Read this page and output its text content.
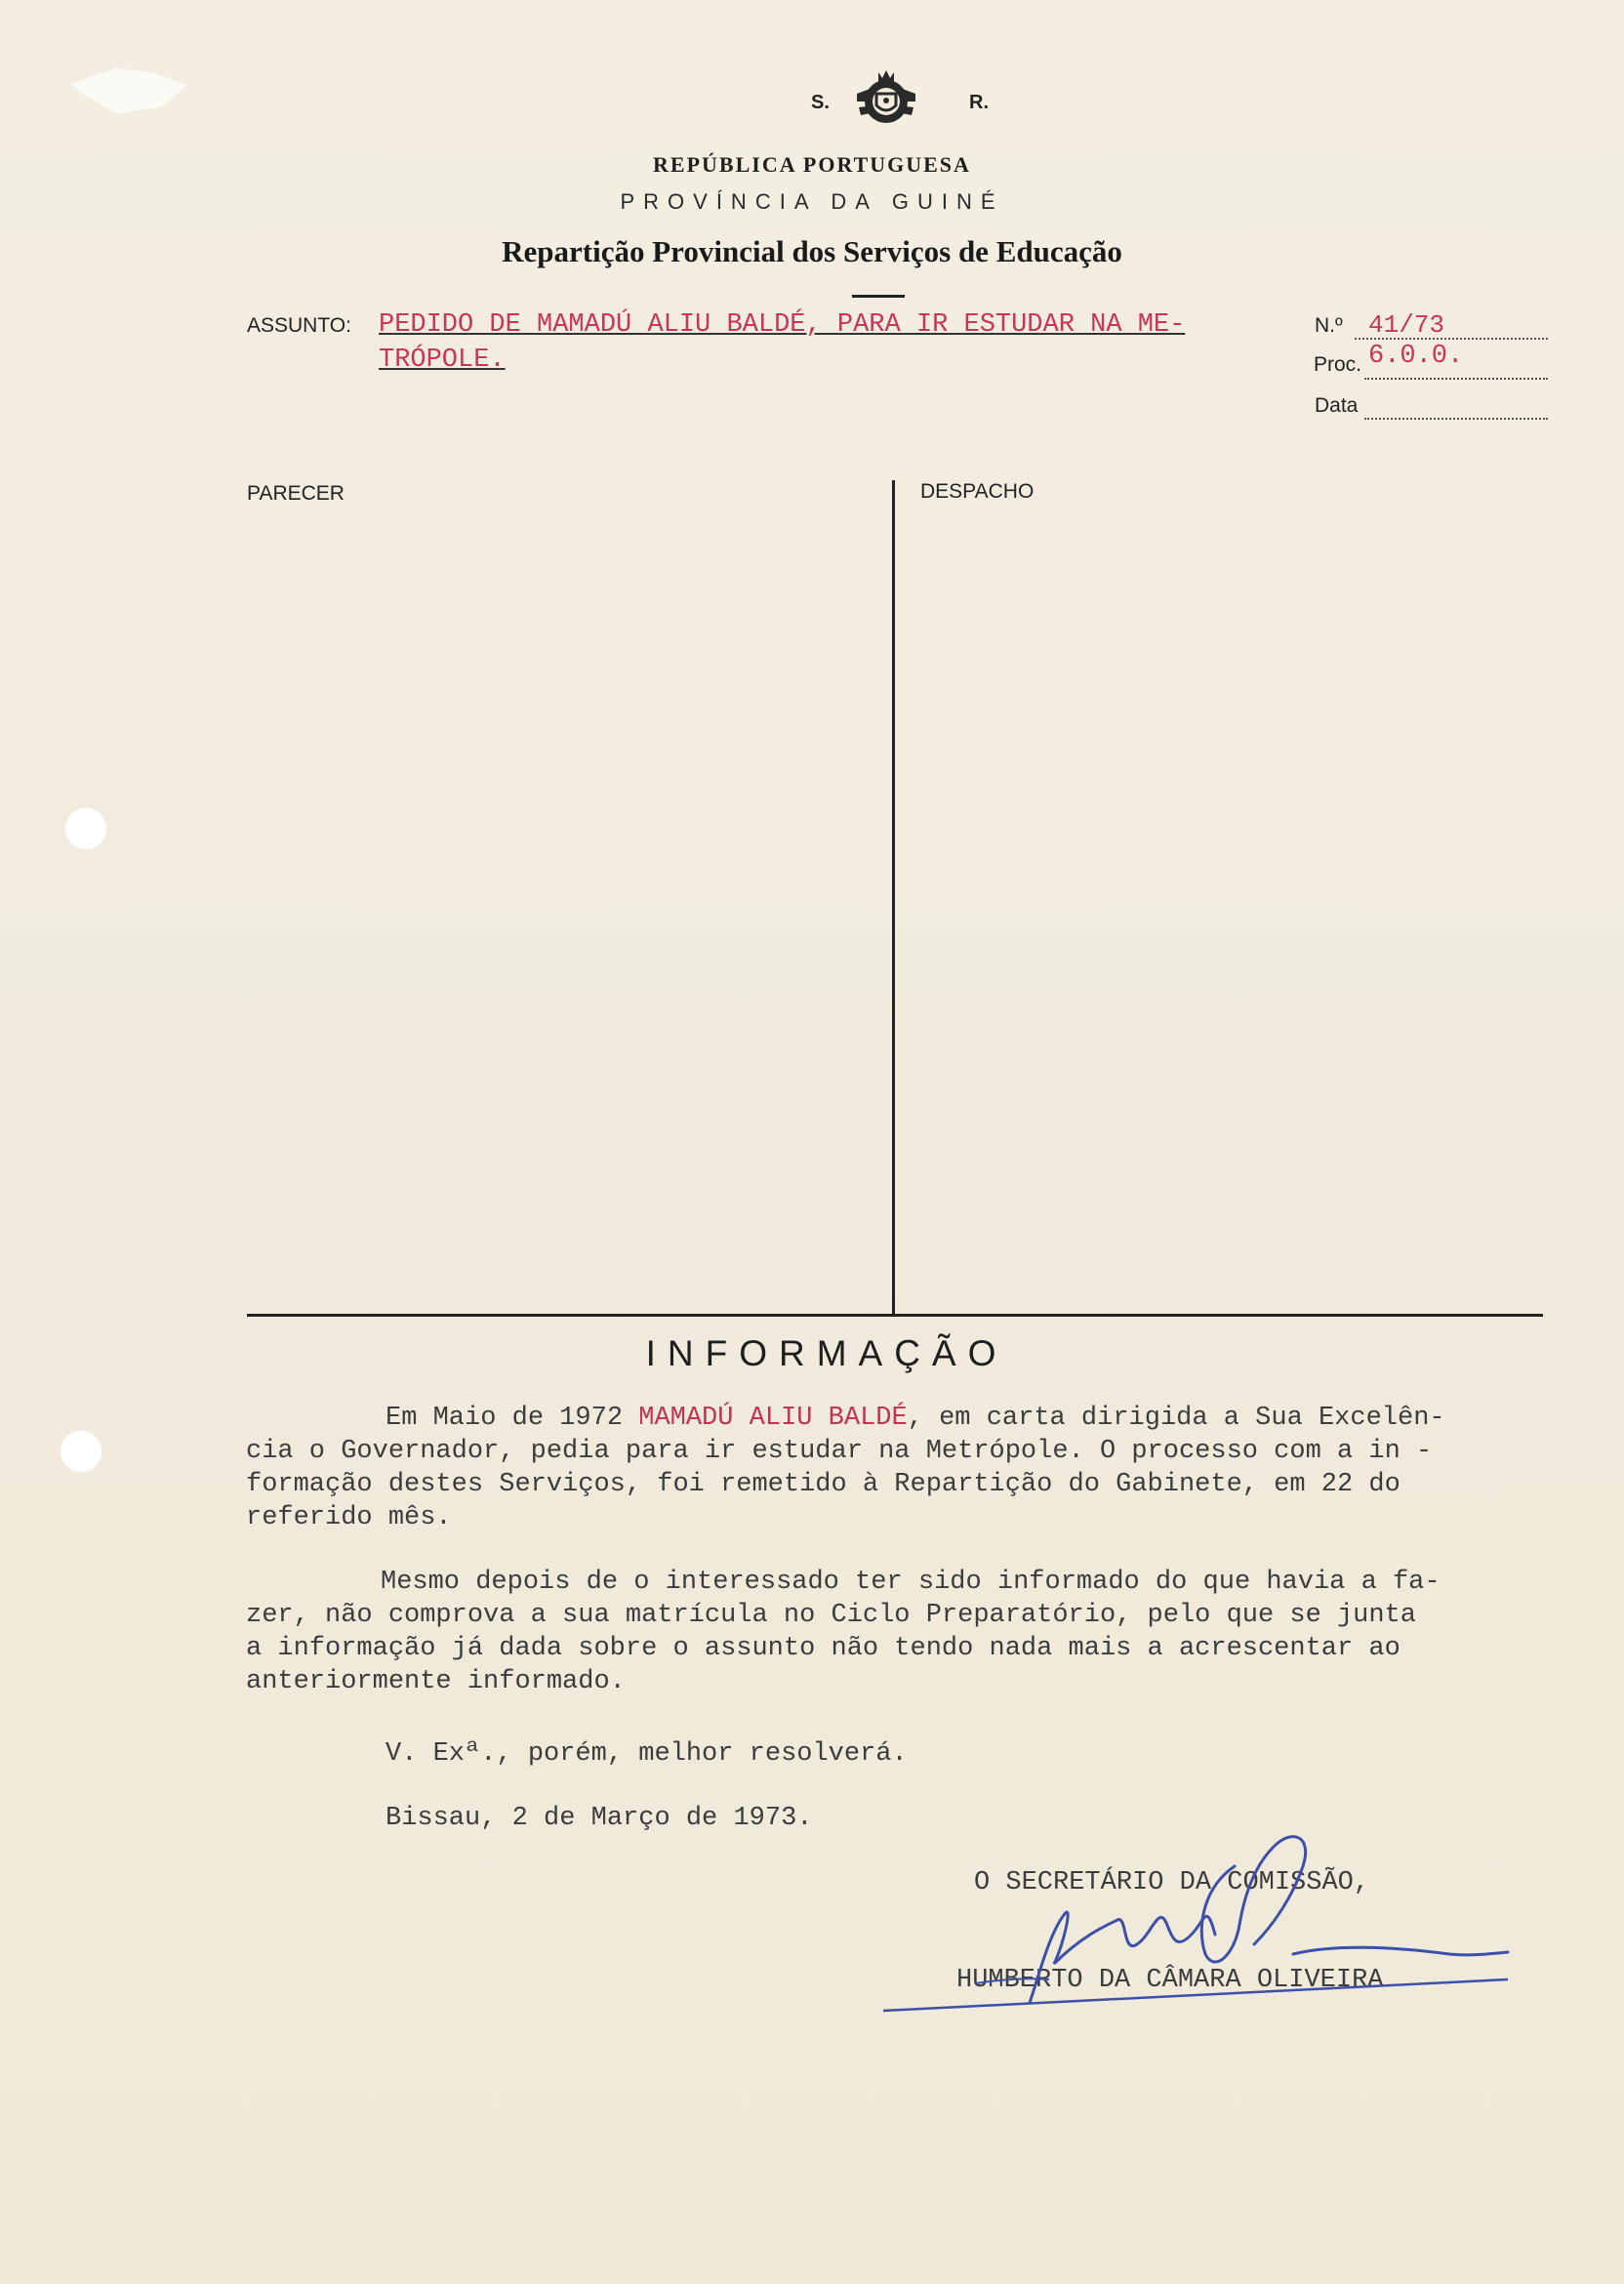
S.	R.
REPÚBLICA PORTUGUESA
PROVÍNCIA DA GUINÉ
Repartição Provincial dos Serviços de Educação
ASSUNTO: PEDIDO DE MAMADÚ ALIU BALDÉ, PARA IR ESTUDAR NA ME-
TRÓPOLE.
N.º 41/73
Proc. 6.0.0.
Data
PARECER	DESPACHO
INFORMAÇÃO
Em Maio de 1972 MAMADÚ ALIU BALDÉ, em carta dirigida a Sua Excelên-
cia o Governador, pedia para ir estudar na Metrópole. O processo com a in -
formação destes Serviços, foi remetido à Repartição do Gabinete, em 22 do
referido mês.
Mesmo depois de o interessado ter sido informado do que havia a fa-
zer, não comprova a sua matrícula no Ciclo Preparatório, pelo que se junta
a informação já dada sobre o assunto não tendo nada mais a acrescentar ao
anteriormente informado.
V. Exª., porém, melhor resolverá.
Bissau, 2 de Março de 1973.
O SECRETÁRIO DA COMISSÃO,
HUMBERTO DA CÂMARA OLIVEIRA
